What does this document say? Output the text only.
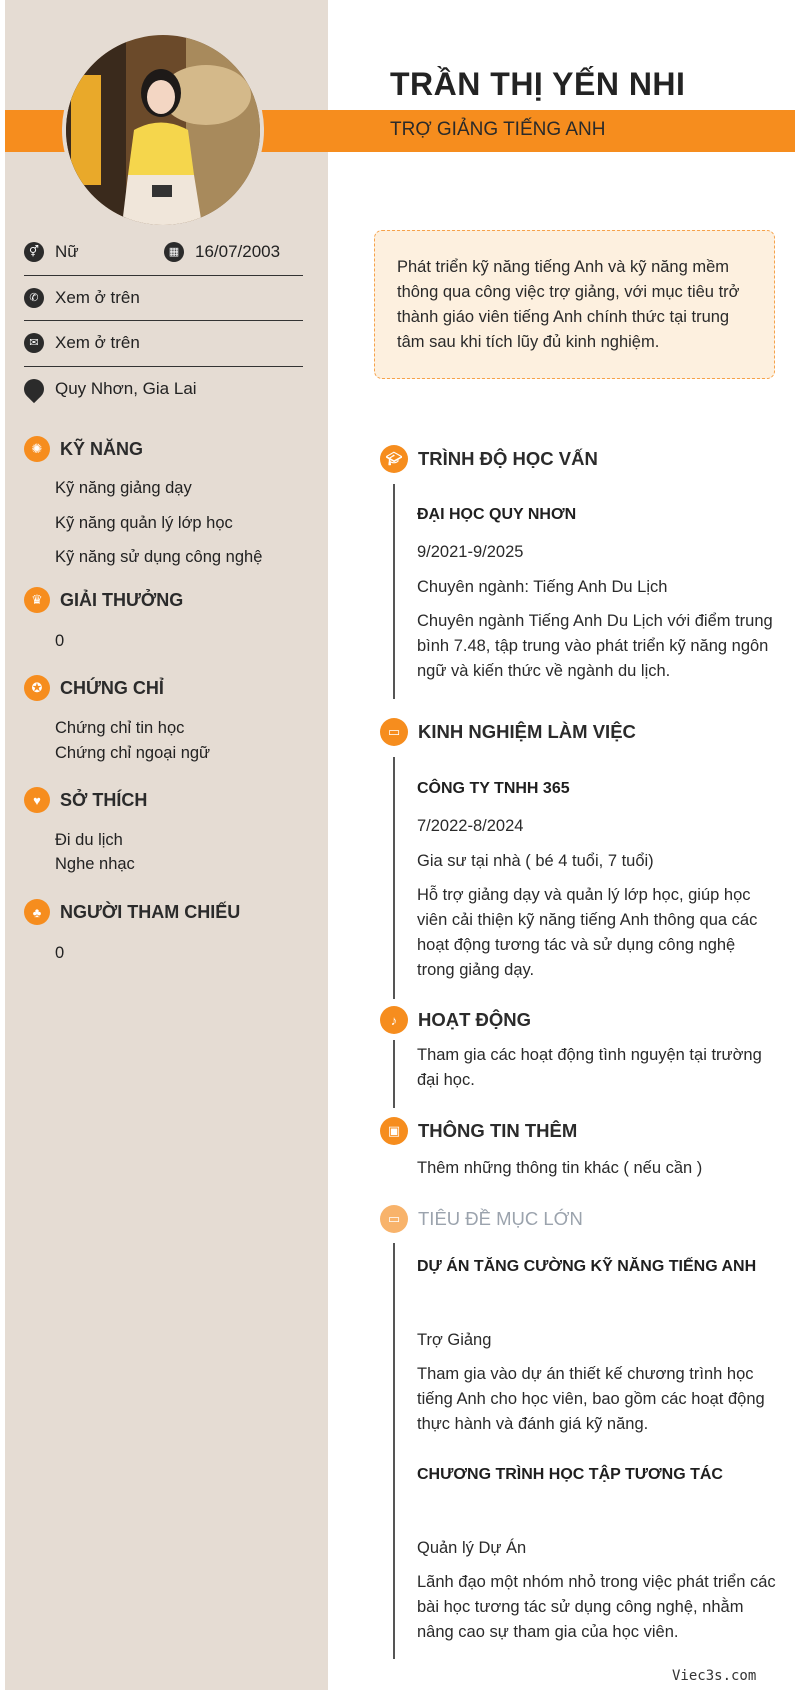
TRẦN THỊ YẾN NHI
TRỢ GIẢNG TIẾNG ANH
⚥ Nữ	▦ 16/07/2003
✆ Xem ở trên
✉ Xem ở trên
Quy Nhơn, Gia Lai
✺ KỸ NĂNG
Kỹ năng giảng dạy
Kỹ năng quản lý lớp học
Kỹ năng sử dụng công nghệ
♛ GIẢI THƯỞNG
0
✪ CHỨNG CHỈ
Chứng chỉ tin học
Chứng chỉ ngoại ngữ
♥	SỞ THÍCH
Đi du lịch
Nghe nhạc
♣	NGƯỜI THAM CHIẾU
0
Phát triển kỹ năng tiếng Anh và kỹ năng mềm thông qua công việc trợ giảng, với mục tiêu trở thành giáo viên tiếng Anh chính thức tại trung tâm sau khi tích lũy đủ kinh nghiệm.
🎓︎ TRÌNH ĐỘ HỌC VẤN
ĐẠI HỌC QUY NHƠN
9/2021-9/2025
Chuyên ngành: Tiếng Anh Du Lịch
Chuyên ngành Tiếng Anh Du Lịch với điểm trung bình 7.48, tập trung vào phát triển kỹ năng ngôn ngữ và kiến thức về ngành du lịch.
▭ KINH NGHIỆM LÀM VIỆC
CÔNG TY TNHH 365
7/2022-8/2024
Gia sư tại nhà ( bé 4 tuổi, 7 tuổi)
Hỗ trợ giảng dạy và quản lý lớp học, giúp học viên cải thiện kỹ năng tiếng Anh thông qua các hoạt động tương tác và sử dụng công nghệ trong giảng dạy.
♪	HOẠT ĐỘNG
Tham gia các hoạt động tình nguyện tại trường đại học.
▣ THÔNG TIN THÊM
Thêm những thông tin khác ( nếu cần )
▭ TIÊU ĐỀ MỤC LỚN
DỰ ÁN TĂNG CƯỜNG KỸ NĂNG TIẾNG ANH
Trợ Giảng
Tham gia vào dự án thiết kế chương trình học tiếng Anh cho học viên, bao gồm các hoạt động thực hành và đánh giá kỹ năng.
CHƯƠNG TRÌNH HỌC TẬP TƯƠNG TÁC
Quản lý Dự Án
Lãnh đạo một nhóm nhỏ trong việc phát triển các bài học tương tác sử dụng công nghệ, nhằm nâng cao sự tham gia của học viên.
Viec3s.com
